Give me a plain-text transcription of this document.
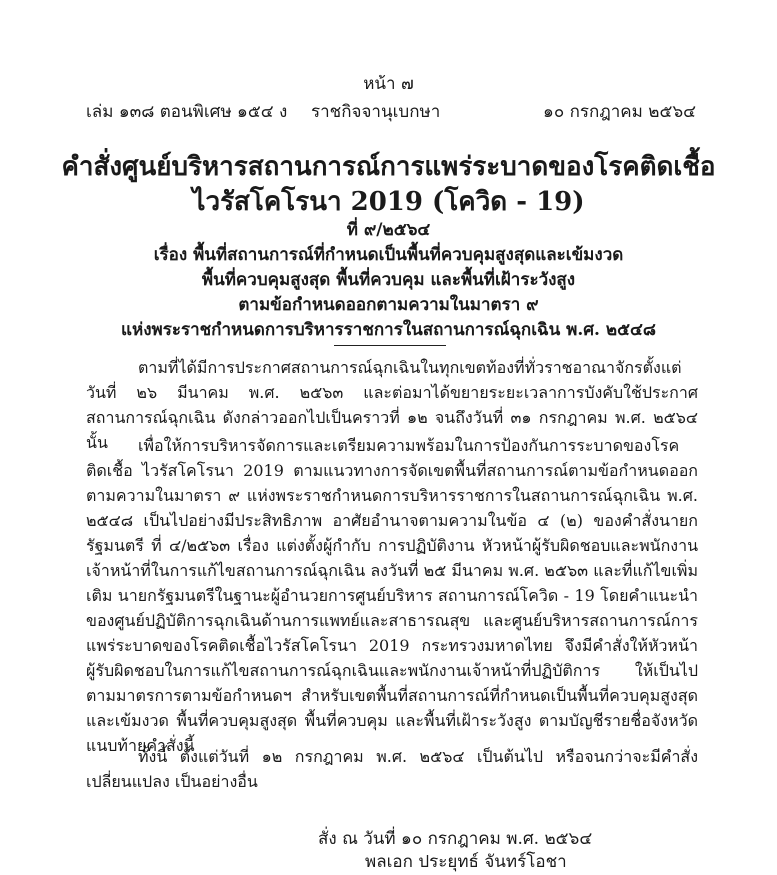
หน้า ๗
เล่ม ๑๓๘ ตอนพิเศษ ๑๕๔ ง ราชกิจจานุเบกษา	๑๐ กรกฎาคม ๒๕๖๔
คำสั่งศูนย์บริหารสถานการณ์การแพร่ระบาดของโรคติดเชื้อ
ไวรัสโคโรนา 2019 (โควิด - 19)
ที่ ๙/๒๕๖๔
เรื่อง พื้นที่สถานการณ์ที่กำหนดเป็นพื้นที่ควบคุมสูงสุดและเข้มงวด
พื้นที่ควบคุมสูงสุด พื้นที่ควบคุม และพื้นที่เฝ้าระวังสูง
ตามข้อกำหนดออกตามความในมาตรา ๙
แห่งพระราชกำหนดการบริหารราชการในสถานการณ์ฉุกเฉิน พ.ศ. ๒๕๔๘

ตามที่ได้มีการประกาศสถานการณ์ฉุกเฉินในทุกเขตท้องที่ทั่วราชอาณาจักรตั้งแต่วันที่ ๒๖ มีนาคม พ.ศ. ๒๕๖๓ และต่อมาได้ขยายระยะเวลาการบังคับใช้ประกาศสถานการณ์ฉุกเฉิน ดังกล่าวออกไปเป็นคราวที่ ๑๒ จนถึงวันที่ ๓๑ กรกฎาคม พ.ศ. ๒๕๖๔ นั้น	เพื่อให้การบริหารจัดการและเตรียมความพร้อมในการป้องกันการระบาดของโรคติดเชื้อ ไวรัสโคโรนา 2019 ตามแนวทางการจัดเขตพื้นที่สถานการณ์ตามข้อกำหนดออกตามความในมาตรา ๙ แห่งพระราชกำหนดการบริหารราชการในสถานการณ์ฉุกเฉิน พ.ศ. ๒๕๔๘ เป็นไปอย่างมีประสิทธิภาพ อาศัยอำนาจตามความในข้อ ๔ (๒) ของคำสั่งนายกรัฐมนตรี ที่ ๔/๒๕๖๓ เรื่อง แต่งตั้งผู้กำกับ การปฏิบัติงาน หัวหน้าผู้รับผิดชอบและพนักงานเจ้าหน้าที่ในการแก้ไขสถานการณ์ฉุกเฉิน ลงวันที่ ๒๕ มีนาคม พ.ศ. ๒๕๖๓ และที่แก้ไขเพิ่มเติม นายกรัฐมนตรีในฐานะผู้อำนวยการศูนย์บริหาร สถานการณ์โควิด - 19 โดยคำแนะนำของศูนย์ปฏิบัติการฉุกเฉินด้านการแพทย์และสาธารณสุข และศูนย์บริหารสถานการณ์การแพร่ระบาดของโรคติดเชื้อไวรัสโคโรนา 2019 กระทรวงมหาดไทย จึงมีคำสั่งให้หัวหน้าผู้รับผิดชอบในการแก้ไขสถานการณ์ฉุกเฉินและพนักงานเจ้าหน้าที่ปฏิบัติการ ให้เป็นไปตามมาตรการตามข้อกำหนดฯ สำหรับเขตพื้นที่สถานการณ์ที่กำหนดเป็นพื้นที่ควบคุมสูงสุด และเข้มงวด พื้นที่ควบคุมสูงสุด พื้นที่ควบคุม และพื้นที่เฝ้าระวังสูง ตามบัญชีรายชื่อจังหวัด แนบท้ายคำสั่งนี้

ทั้งนี้ ตั้งแต่วันที่ ๑๒ กรกฎาคม พ.ศ. ๒๕๖๔ เป็นต้นไป หรือจนกว่าจะมีคำสั่งเปลี่ยนแปลง เป็นอย่างอื่น

สั่ง ณ วันที่ ๑๐ กรกฎาคม พ.ศ. ๒๕๖๔
พลเอก ประยุทธ์ จันทร์โอชา
